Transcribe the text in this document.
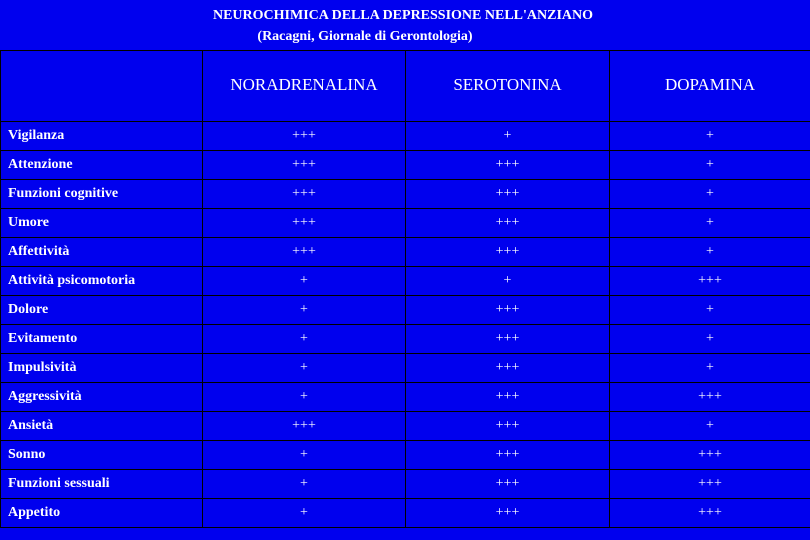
NEUROCHIMICA DELLA DEPRESSIONE NELL'ANZIANO
(Racagni, Giornale di Gerontologia)
	NORADRENALINA	SEROTONINA	DOPAMINA
Vigilanza	+++	+	+
Attenzione	+++	+++	+
Funzioni cognitive	+++	+++	+
Umore	+++	+++	+
Affettività	+++	+++	+
Attività psicomotoria	+	+	+++
Dolore	+	+++	+
Evitamento	+	+++	+
Impulsività	+	+++	+
Aggressività	+	+++	+++
Ansietà	+++	+++	+
Sonno	+	+++	+++
Funzioni sessuali	+	+++	+++
Appetito	+	+++	+++
